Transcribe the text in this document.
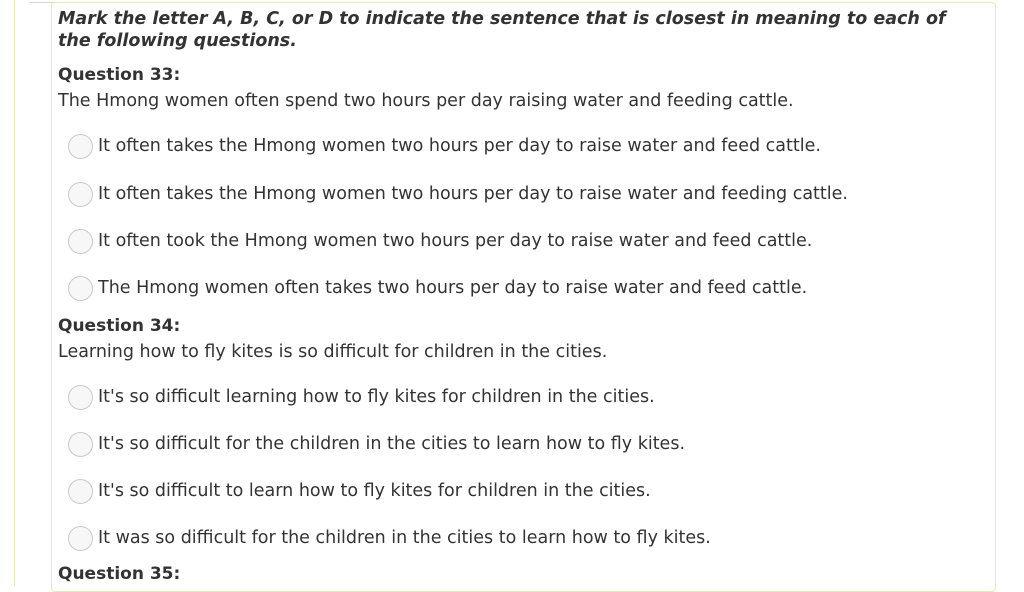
Mark the letter A, B, C, or D to indicate the sentence that is closest in meaning to each of the following questions.
Question 33:
The Hmong women often spend two hours per day raising water and feeding cattle.
It often takes the Hmong women two hours per day to raise water and feed cattle.
It often takes the Hmong women two hours per day to raise water and feeding cattle.
It often took the Hmong women two hours per day to raise water and feed cattle.
The Hmong women often takes two hours per day to raise water and feed cattle.
Question 34:
Learning how to fly kites is so difficult for children in the cities.
It's so difficult learning how to fly kites for children in the cities.
It's so difficult for the children in the cities to learn how to fly kites.
It's so difficult to learn how to fly kites for children in the cities.
It was so difficult for the children in the cities to learn how to fly kites.
Question 35:
